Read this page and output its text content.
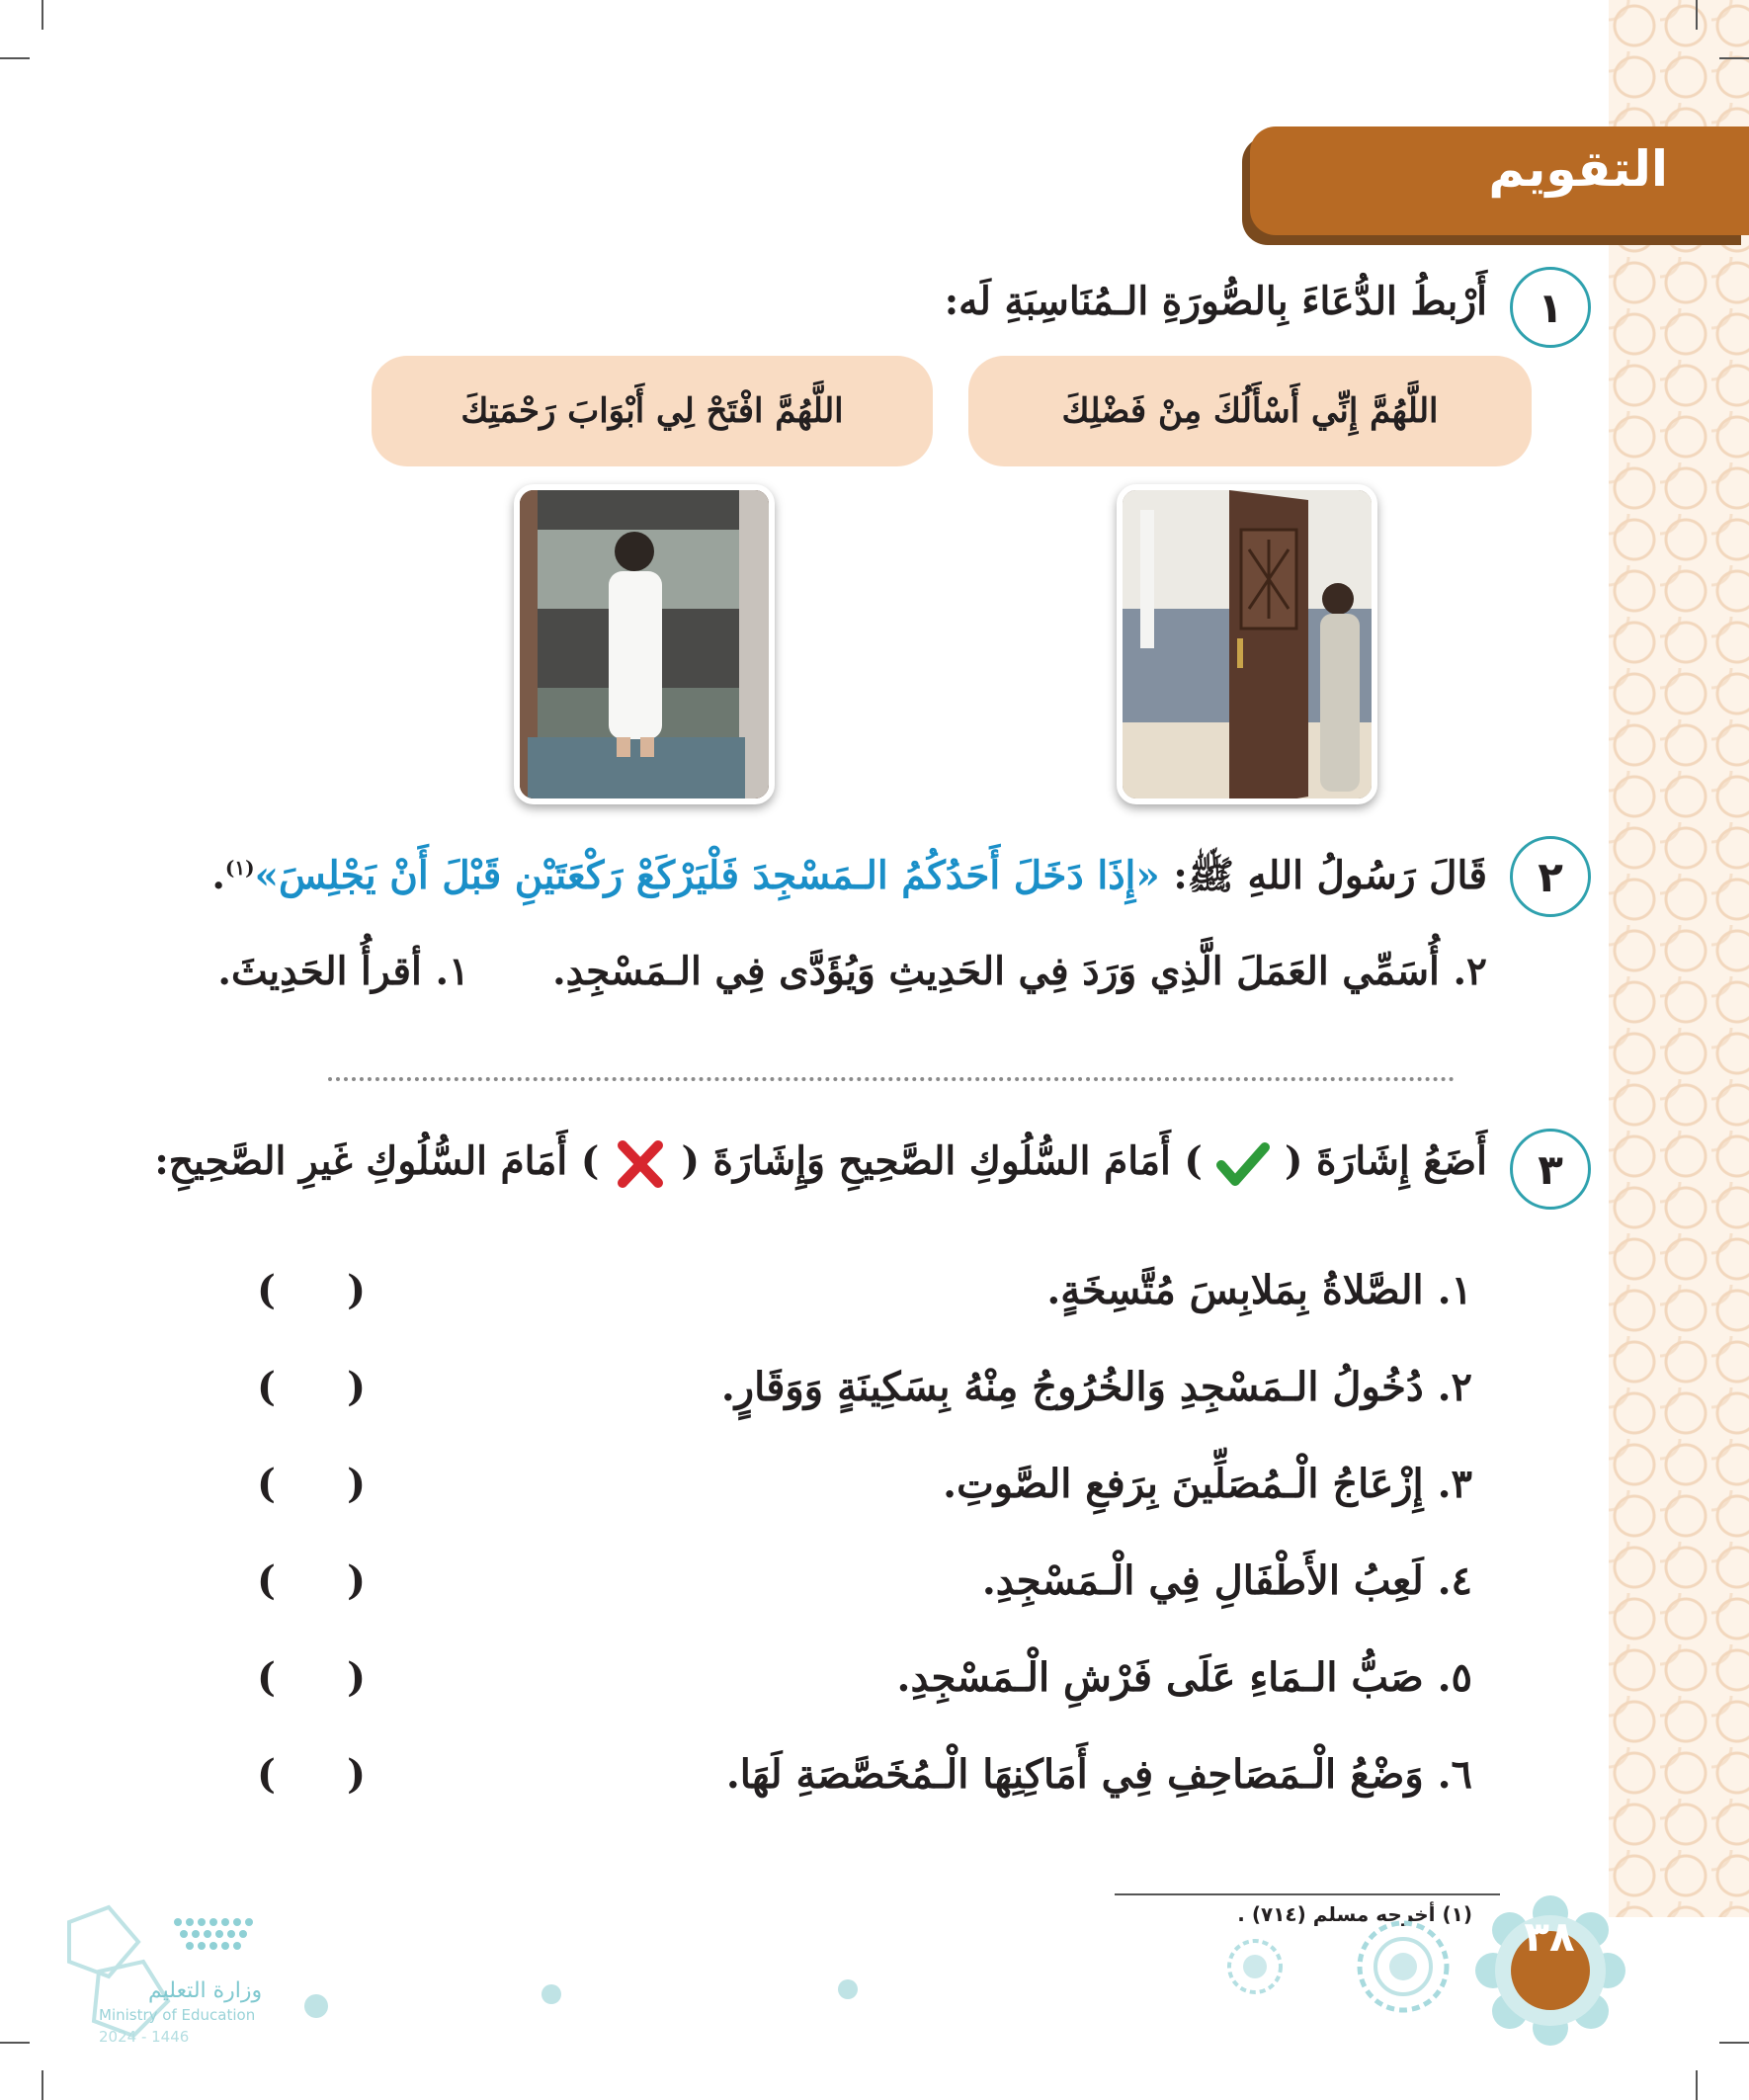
التقويم
١
أَرْبطُ الدُّعَاءَ بِالصُّورَةِ الـمُنَاسِبَةِ لَه:
اللَّهُمَّ إِنِّي أَسْأَلُكَ مِنْ فَضْلِكَ
اللَّهُمَّ افْتَحْ لِي أَبْوَابَ رَحْمَتِكَ
٢
قَالَ رَسُولُ اللهِ ﷺ: «إِذَا دَخَلَ أَحَدُكُمُ الـمَسْجِدَ فَلْيَرْكَعْ رَكْعَتَيْنِ قَبْلَ أَنْ يَجْلِسَ»$^{(١)}$.
١. أقرأُ الحَدِيثَ. ٢. أُسَمِّي العَمَلَ الَّذِي وَرَدَ فِي الحَدِيثِ وَيُؤَدَّى فِي الـمَسْجِدِ.
٣
أَضَعُ إِشَارَةَ (  ) أَمَامَ السُّلُوكِ الصَّحِيحِ وَإِشَارَةَ (  ) أَمَامَ السُّلُوكِ غَيرِ الصَّحِيحِ:
١. الصَّلاةُ بِمَلابِسَ مُتَّسِخَةٍ.
(
)
٢. دُخُولُ الـمَسْجِدِ وَالخُرُوجُ مِنْهُ بِسَكِينَةٍ وَوَقَارٍ.
(
)
٣. إِزْعَاجُ الْـمُصَلِّينَ بِرَفعِ الصَّوتِ.
(
)
٤. لَعِبُ الأَطْفَالِ فِي الْـمَسْجِدِ.
(
)
٥. صَبُّ الـمَاءِ عَلَى فَرْشِ الْـمَسْجِدِ.
(
)
٦. وَضْعُ الْـمَصَاحِفِ فِي أَمَاكِنِهَا الْـمُخَصَّصَةِ لَهَا.
(
)
(١) أخرجه مسلم (٧١٤) .	٣٨
وزارة التعليم
Ministry of Education
2024 - 1446
